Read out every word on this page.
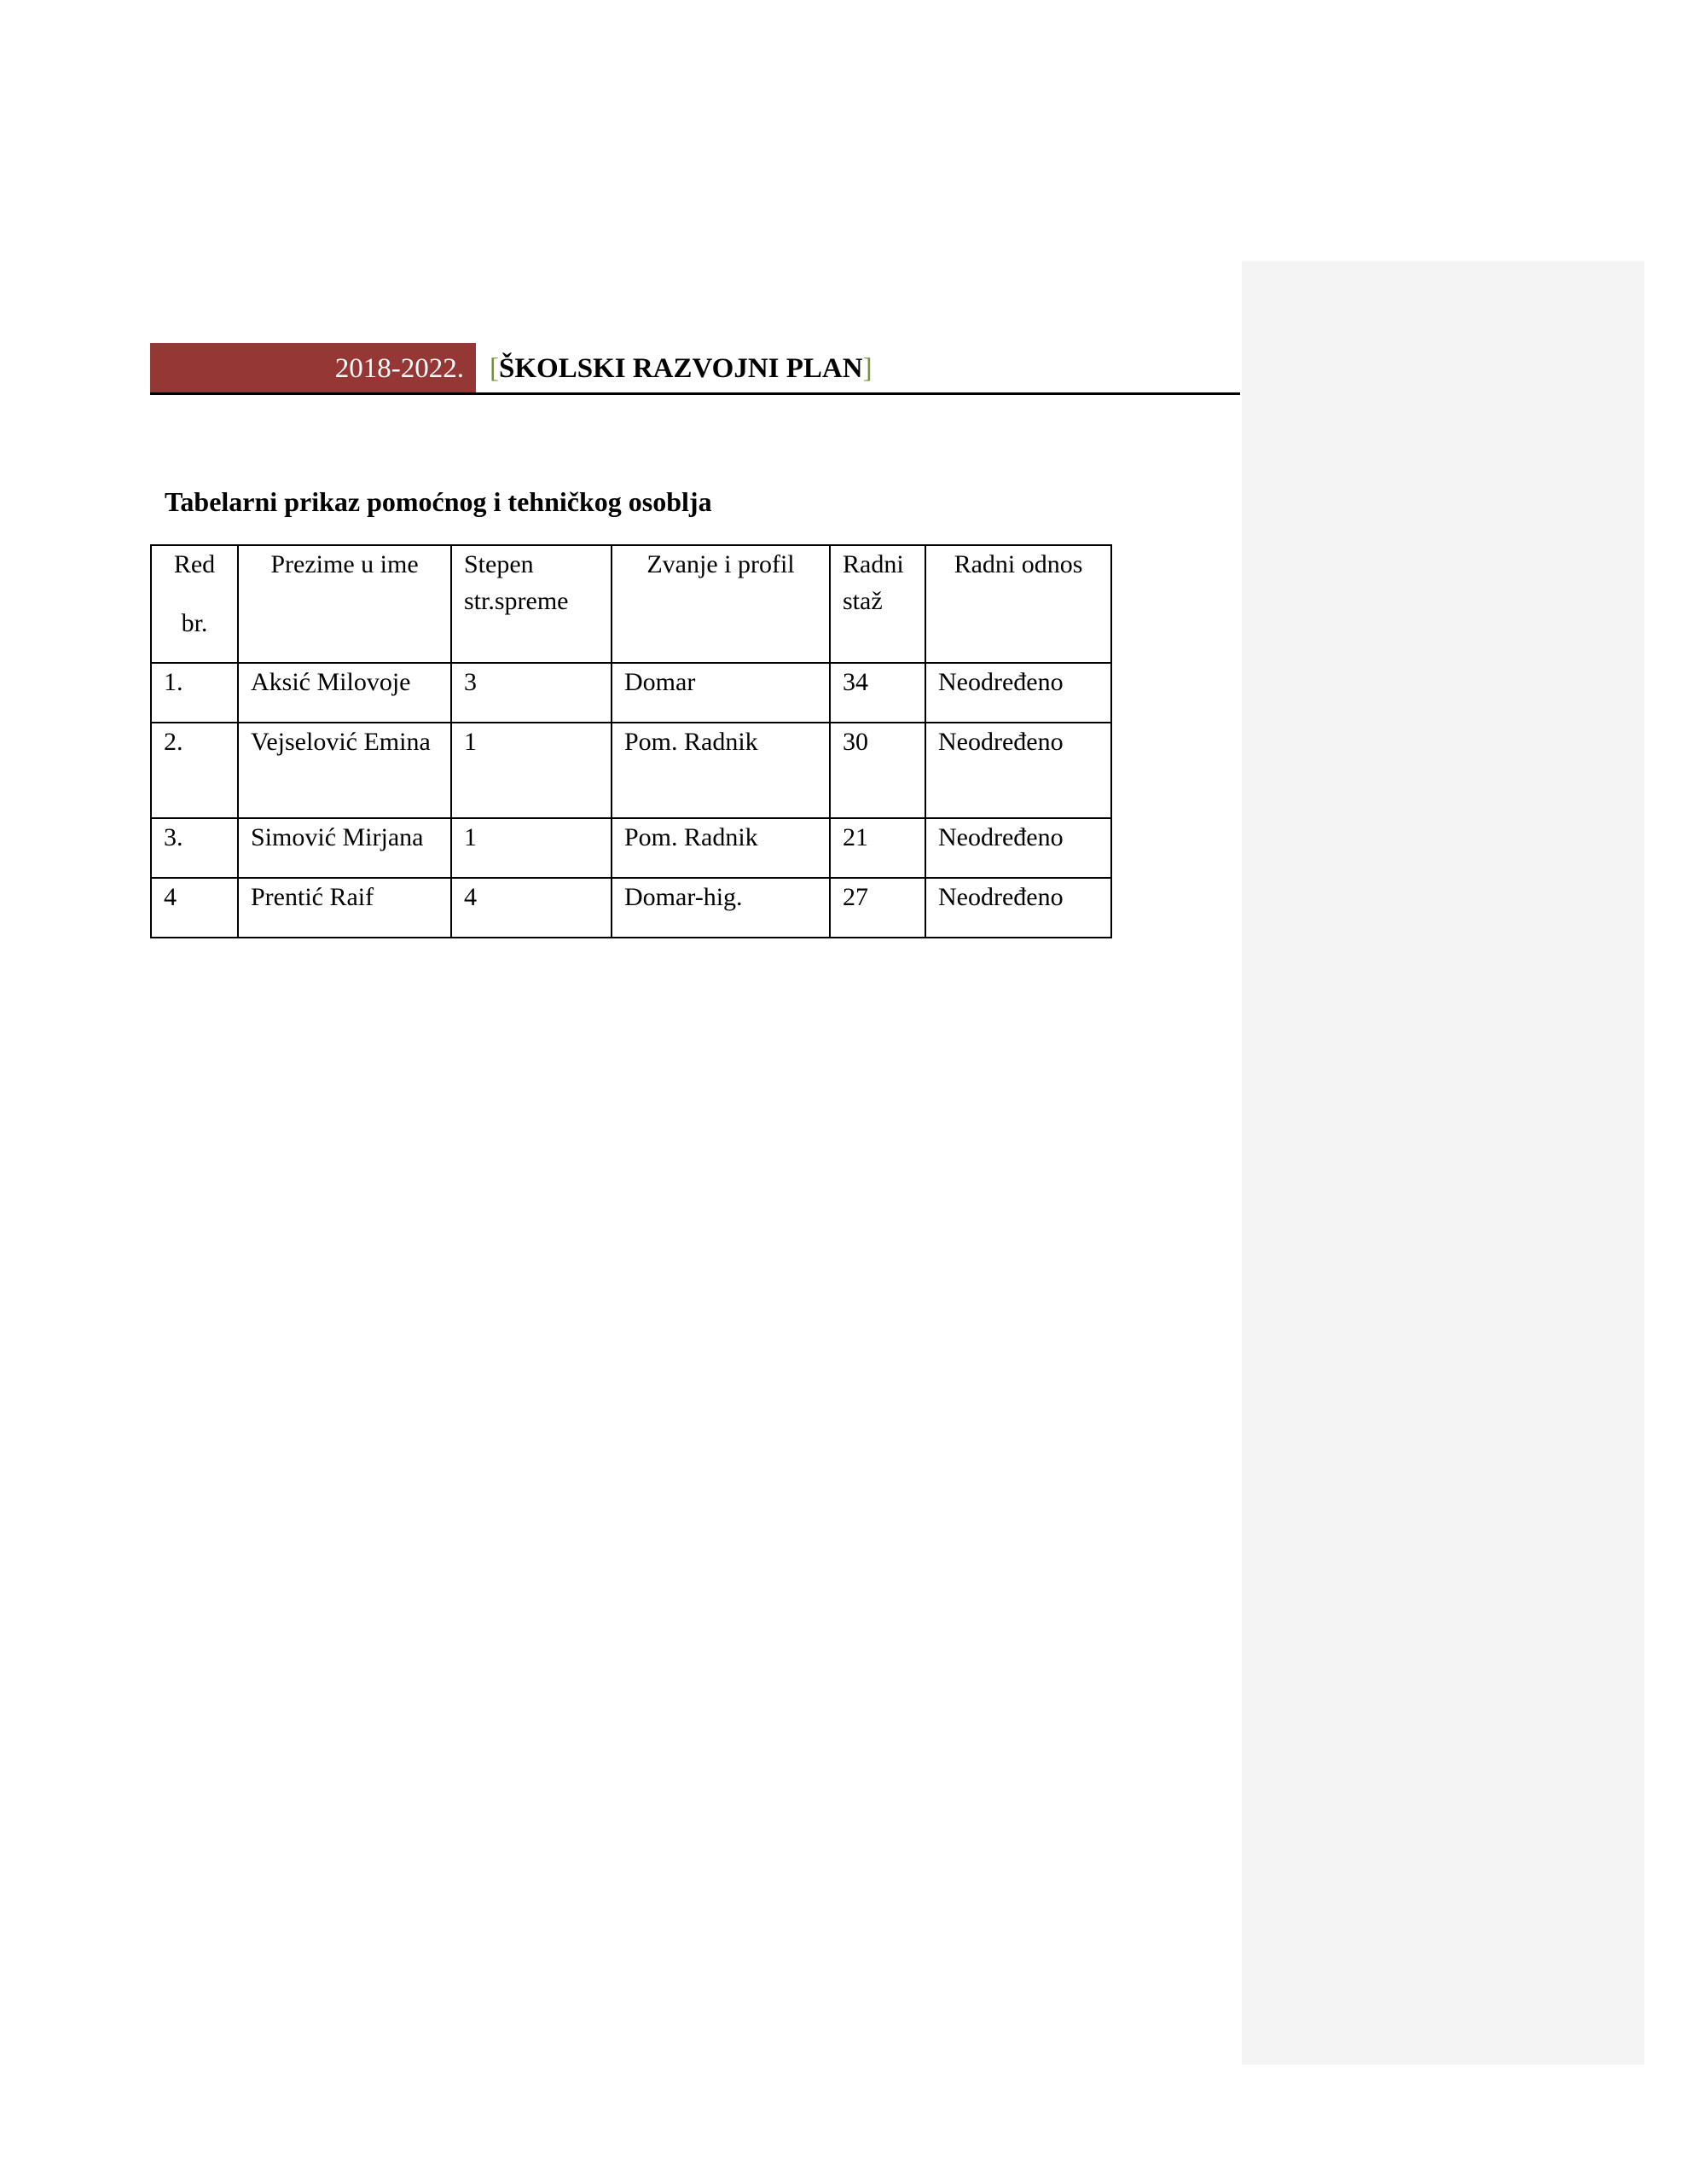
2018-2022. [ŠKOLSKI RAZVOJNI PLAN]
Tabelarni prikaz pomoćnog i tehničkog osoblja
Red
br.	Prezime u ime	Stepen str.spreme	Zvanje i profil	Radni staž	Radni odnos
1.	Aksić Milovoje	3	Domar	34	Neodređeno
2.	Vejselović Emina	1	Pom. Radnik	30	Neodređeno
3.	Simović Mirjana	1	Pom. Radnik	21	Neodređeno
4	Prentić Raif	4	Domar-hig.	27	Neodređeno
